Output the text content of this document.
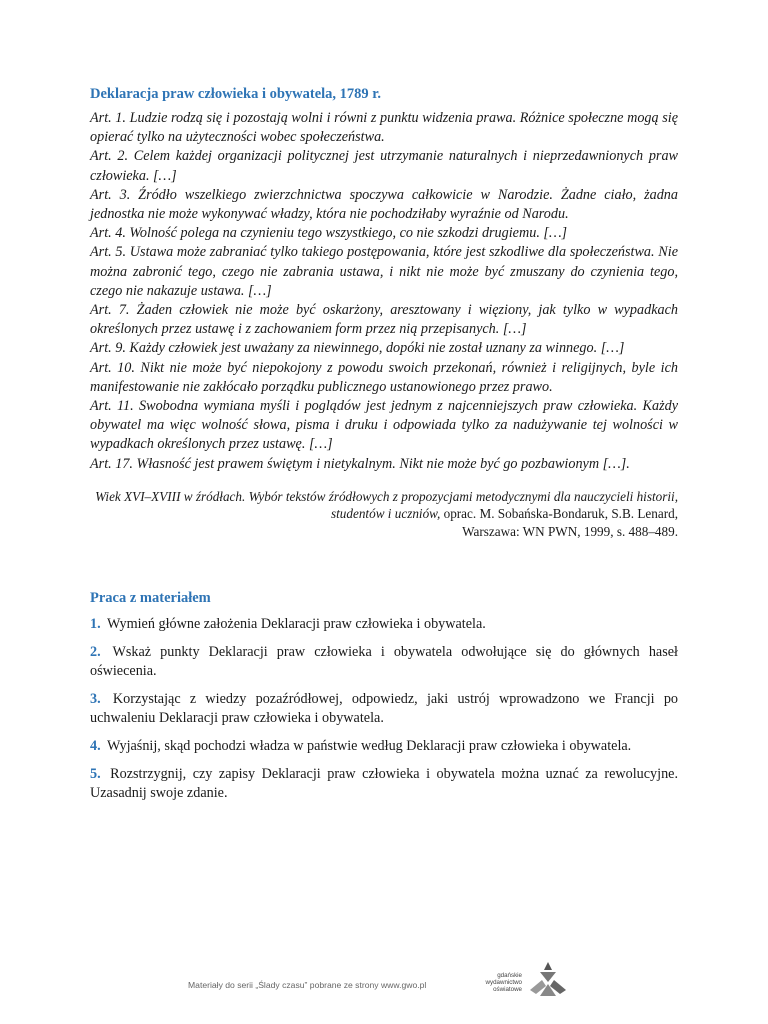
Deklaracja praw człowieka i obywatela, 1789 r.

Art. 1. Ludzie rodzą się i pozostają wolni i równi z punktu widzenia prawa. Różnice społeczne mogą się opierać tylko na użyteczności wobec społeczeństwa.

Art. 2. Celem każdej organizacji politycznej jest utrzymanie naturalnych i nieprzedawnionych praw człowieka. […]

Art. 3. Źródło wszelkiego zwierzchnictwa spoczywa całkowicie w Narodzie. Żadne ciało, żadna jednostka nie może wykonywać władzy, która nie pochodziłaby wyraźnie od Narodu.

Art. 4. Wolność polega na czynieniu tego wszystkiego, co nie szkodzi drugiemu. […]

Art. 5. Ustawa może zabraniać tylko takiego postępowania, które jest szkodliwe dla społeczeństwa. Nie można zabronić tego, czego nie zabrania ustawa, i nikt nie może być zmuszany do czynienia tego, czego nie nakazuje ustawa. […]

Art. 7. Żaden człowiek nie może być oskarżony, aresztowany i więziony, jak tylko w wypadkach określonych przez ustawę i z zachowaniem form przez nią przepisanych. […]

Art. 9. Każdy człowiek jest uważany za niewinnego, dopóki nie został uznany za winnego. […]

Art. 10. Nikt nie może być niepokojony z powodu swoich przekonań, również i religijnych, byle ich manifestowanie nie zakłócało porządku publicznego ustanowionego przez prawo.

Art. 11. Swobodna wymiana myśli i poglądów jest jednym z najcenniejszych praw człowieka. Każdy obywatel ma więc wolność słowa, pisma i druku i odpowiada tylko za nadużywanie tej wolności w wypadkach określonych przez ustawę. […]

Art. 17. Własność jest prawem świętym i nietykalnym. Nikt nie może być go pozbawionym […].

Wiek XVI–XVIII w źródłach. Wybór tekstów źródłowych z propozycjami metodycznymi dla nauczycieli historii, studentów i uczniów, oprac. M. Sobańska-Bondaruk, S.B. Lenard,
Warszawa: WN PWN, 1999, s. 488–489.
Praca z materiałem

1. Wymień główne założenia Deklaracji praw człowieka i obywatela.

2. Wskaż punkty Deklaracji praw człowieka i obywatela odwołujące się do głównych haseł oświecenia.

3. Korzystając z wiedzy pozaźródłowej, odpowiedz, jaki ustrój wprowadzono we Francji po uchwaleniu Deklaracji praw człowieka i obywatela.

4. Wyjaśnij, skąd pochodzi władza w państwie według Deklaracji praw człowieka i obywatela.

5. Rozstrzygnij, czy zapisy Deklaracji praw człowieka i obywatela można uznać za rewolucyjne. Uzasadnij swoje zdanie.

Materiały do serii „Ślady czasu” pobrane ze strony www.gwo.pl
gdańskie
wydawnictwo
oświatowe
